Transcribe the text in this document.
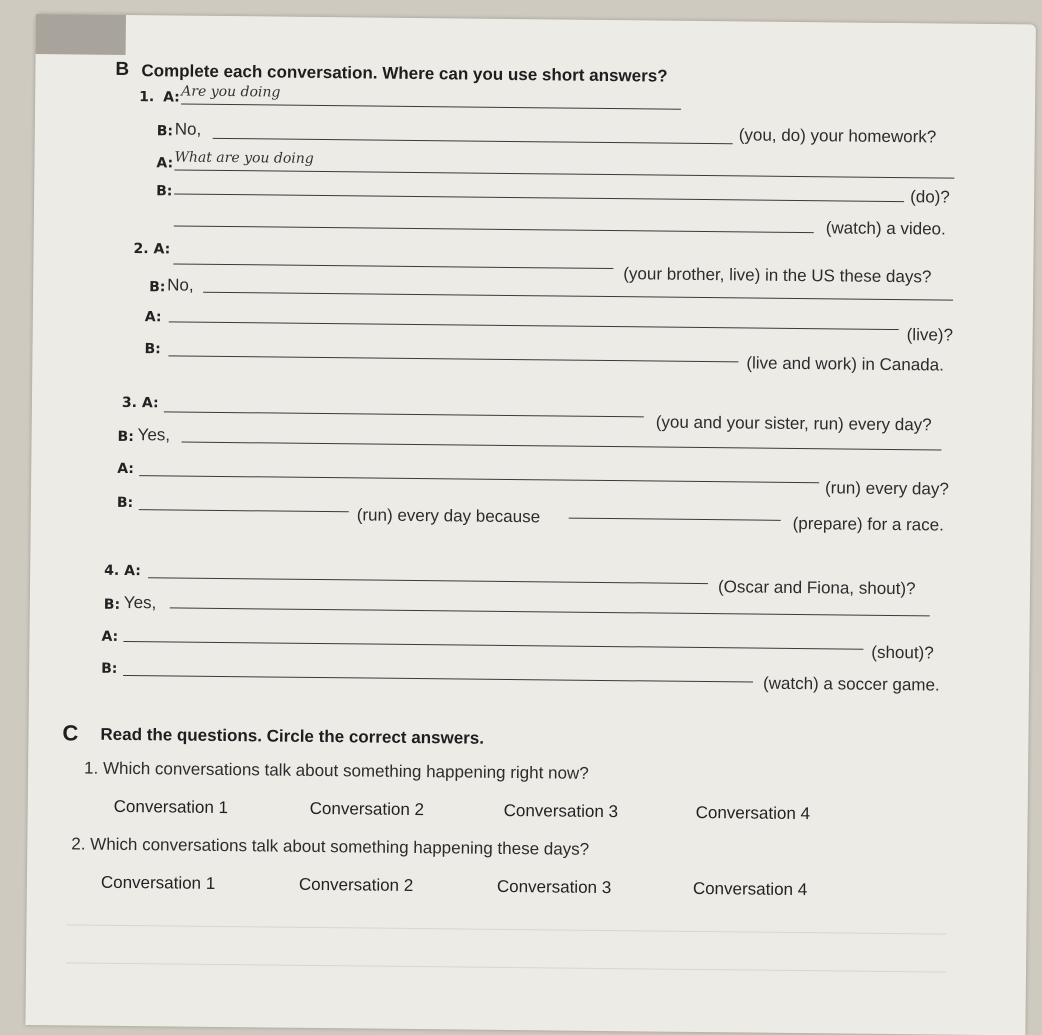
B Complete each conversation. Where can you use short answers?
1. A: Are you doing
B: No,	(you, do) your homework?
A: What are you doing
B:	(do)?
(watch) a video.
2. A:
(your brother, live) in the US these days?
B: No,
A:
(live)?
B:
(live and work) in Canada.
3. A:
(you and your sister, run) every day?
B: Yes,
A:
(run) every day?
B:
(run) every day because	(prepare) for a race.
4. A:
(Oscar and Fiona, shout)?
B: Yes,
A:
(shout)?
B:
(watch) a soccer game.
C Read the questions. Circle the correct answers.
1. Which conversations talk about something happening right now?
Conversation 1	Conversation 2	Conversation 3	Conversation 4
2. Which conversations talk about something happening these days?
Conversation 1	Conversation 2	Conversation 3	Conversation 4
